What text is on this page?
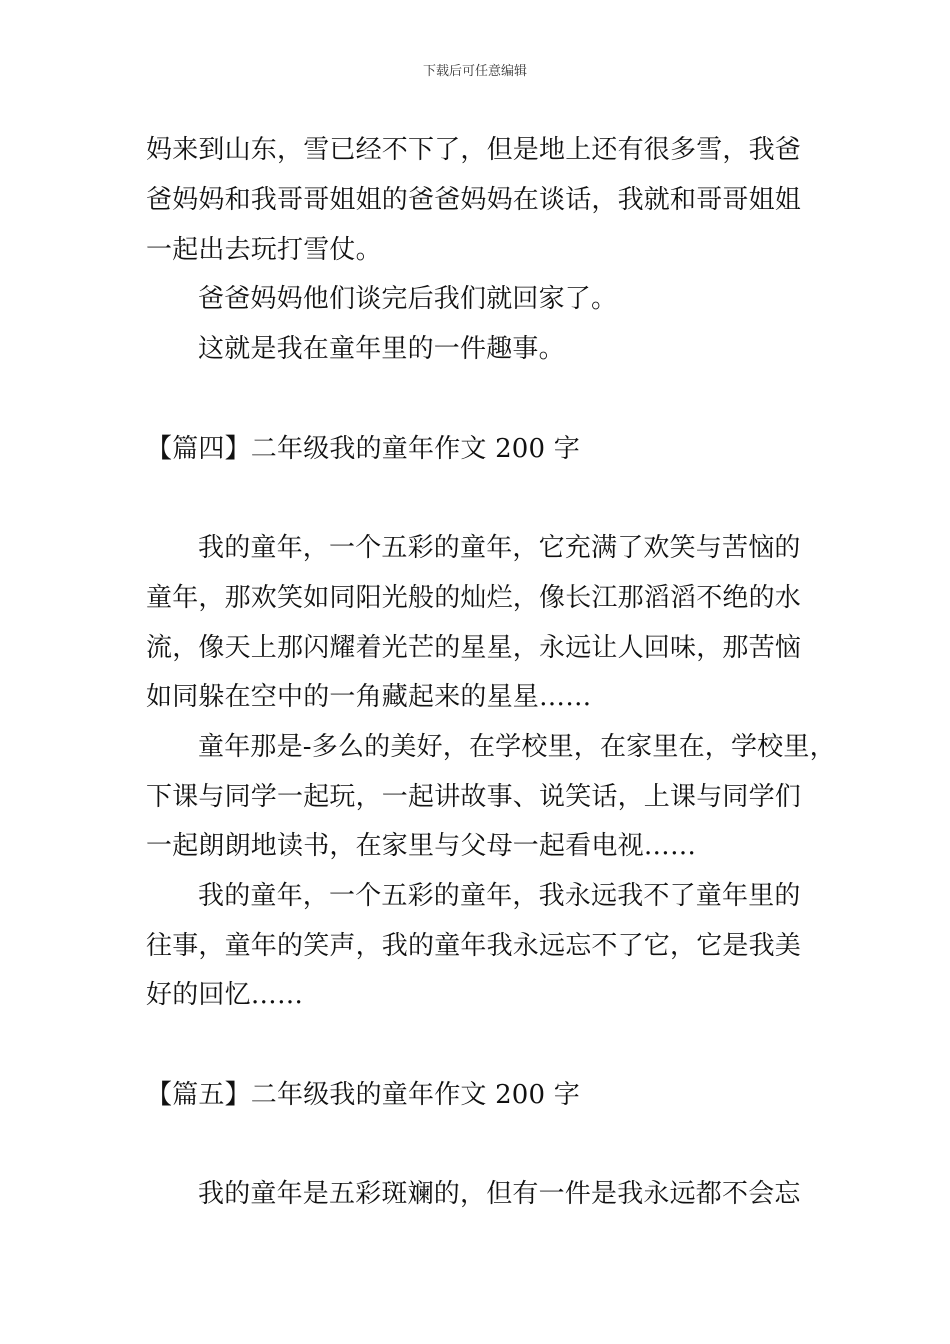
下载后可任意编辑
妈来到山东，雪已经不下了，但是地上还有很多雪，我爸
爸妈妈和我哥哥姐姐的爸爸妈妈在谈话，我就和哥哥姐姐
一起出去玩打雪仗。
爸爸妈妈他们谈完后我们就回家了。
这就是我在童年里的一件趣事。
【篇四】二年级我的童年作文 200 字
我的童年，一个五彩的童年，它充满了欢笑与苦恼的
童年，那欢笑如同阳光般的灿烂，像长江那滔滔不绝的水
流，像天上那闪耀着光芒的星星，永远让人回味，那苦恼
如同躲在空中的一角藏起来的星星……
童年那是-多么的美好，在学校里，在家里在，学校里，
下课与同学一起玩，一起讲故事、说笑话，上课与同学们
一起朗朗地读书，在家里与父母一起看电视……
我的童年，一个五彩的童年，我永远我不了童年里的
往事，童年的笑声，我的童年我永远忘不了它，它是我美
好的回忆……
【篇五】二年级我的童年作文 200 字
我的童年是五彩斑斓的，但有一件是我永远都不会忘
